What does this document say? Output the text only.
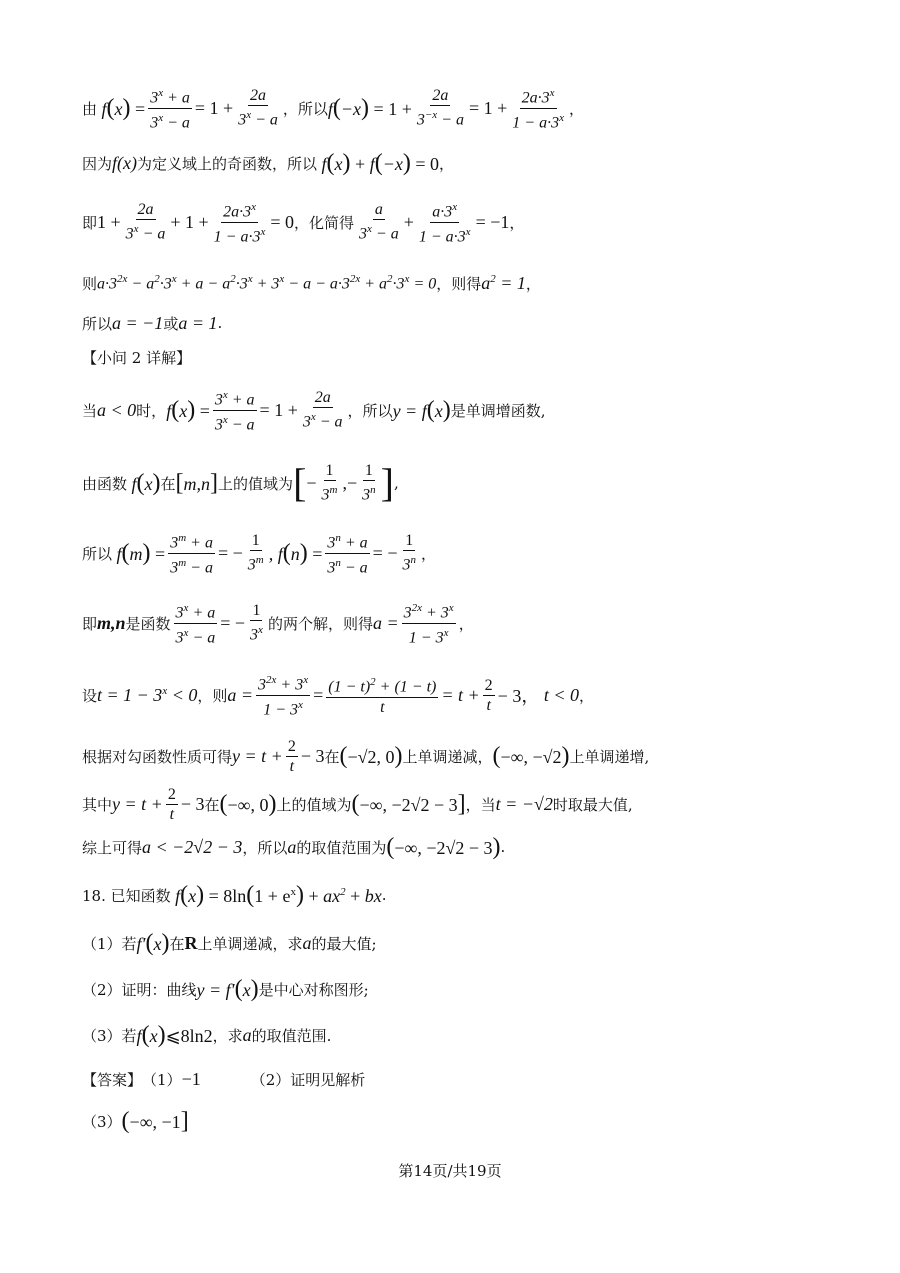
由 $f(x) = \frac{3^x + a}{3^x - a} = 1 + \frac{2a}{3^x - a}$ ，所以 $f(-x) = 1 + \frac{2a}{3^{-x} - a} = 1 + \frac{2a\cdot 3^x}{1 - a\cdot 3^x}$ ，
因为 f(x) 为定义域上的奇函数，所以 f(x) + f(−x) = 0 ，
即 $1 + \frac{2a}{3^x - a} + 1 + \frac{2a\cdot 3^x}{1 - a\cdot 3^x} = 0$ ，化简得
a
$3^x - a$
+ $\frac{a\cdot 3^x}{1 - a\cdot 3^x} = -1$ ，
则 $a\cdot 3^{2x} - a^2\cdot 3^x + a - a^2\cdot 3^x + 3^x - a - a\cdot 3^{2x} + a^2\cdot 3^x = 0$ ，则得 $a^2 = 1$ ，
所以 a = −1 或 a = 1 .
【小问 2 详解】
当 a < 0 时， $f(x) = \frac{3^x + a}{3^x - a} = 1 + \frac{2a}{3^x - a}$ ，所以 y = f(x) 是单调增函数,
由函数 f(x) 在 [m,n] 上的值域为 [ − $\frac{1}{3^m}$ ,− $\frac{1}{3^n}$ ] ,
所以 $f(m) = \frac{3^m + a}{3^m - a}$ = − $\frac{1}{3^m}$ , $f(n) = \frac{3^n + a}{3^n - a}$ = − $\frac{1}{3^n}$ ，
即 m,n 是函数 $\frac{3^x + a}{3^x - a}$ = − $\frac{1}{3^x}$ 的两个解，则得 $a = \frac{3^{2x} + 3^x}{1 - 3^x}$ ，
设 $t = 1 - 3^x < 0$ ，则 $a = \frac{3^{2x} + 3^x}{1 - 3^x} = \frac{(1 - t)^2 + (1 - t)}{t} = t + \frac{2}{t} - 3$， t < 0 ，
根据对勾函数性质可得 $y = t + \frac{2}{t} - 3$ 在 (−√2, 0) 上单调递减， (−∞, −√2) 上单调递增,
其中 $y = t + \frac{2}{t} - 3$ 在 (−∞, 0) 上的值域为 (−∞, −2√2 − 3] ，当 t = −√2 时取最大值,
综上可得 a < −2√2 − 3 ，所以 a 的取值范围为 (−∞, −2√2 − 3) .
18. 已知函数 $f(x) = 8\ln(1 + e^x) + ax^2$ + bx .
（1）若 f′(x) 在 R 上单调递减，求 a 的最大值;
（2）证明：曲线 y = f′(x) 是中心对称图形;
（3）若 f(x)⩽8ln2 ，求 a 的取值范围.
【答案】 （1） −1	（2）证明见解析
（3） (−∞, −1]
第14页/共19页
